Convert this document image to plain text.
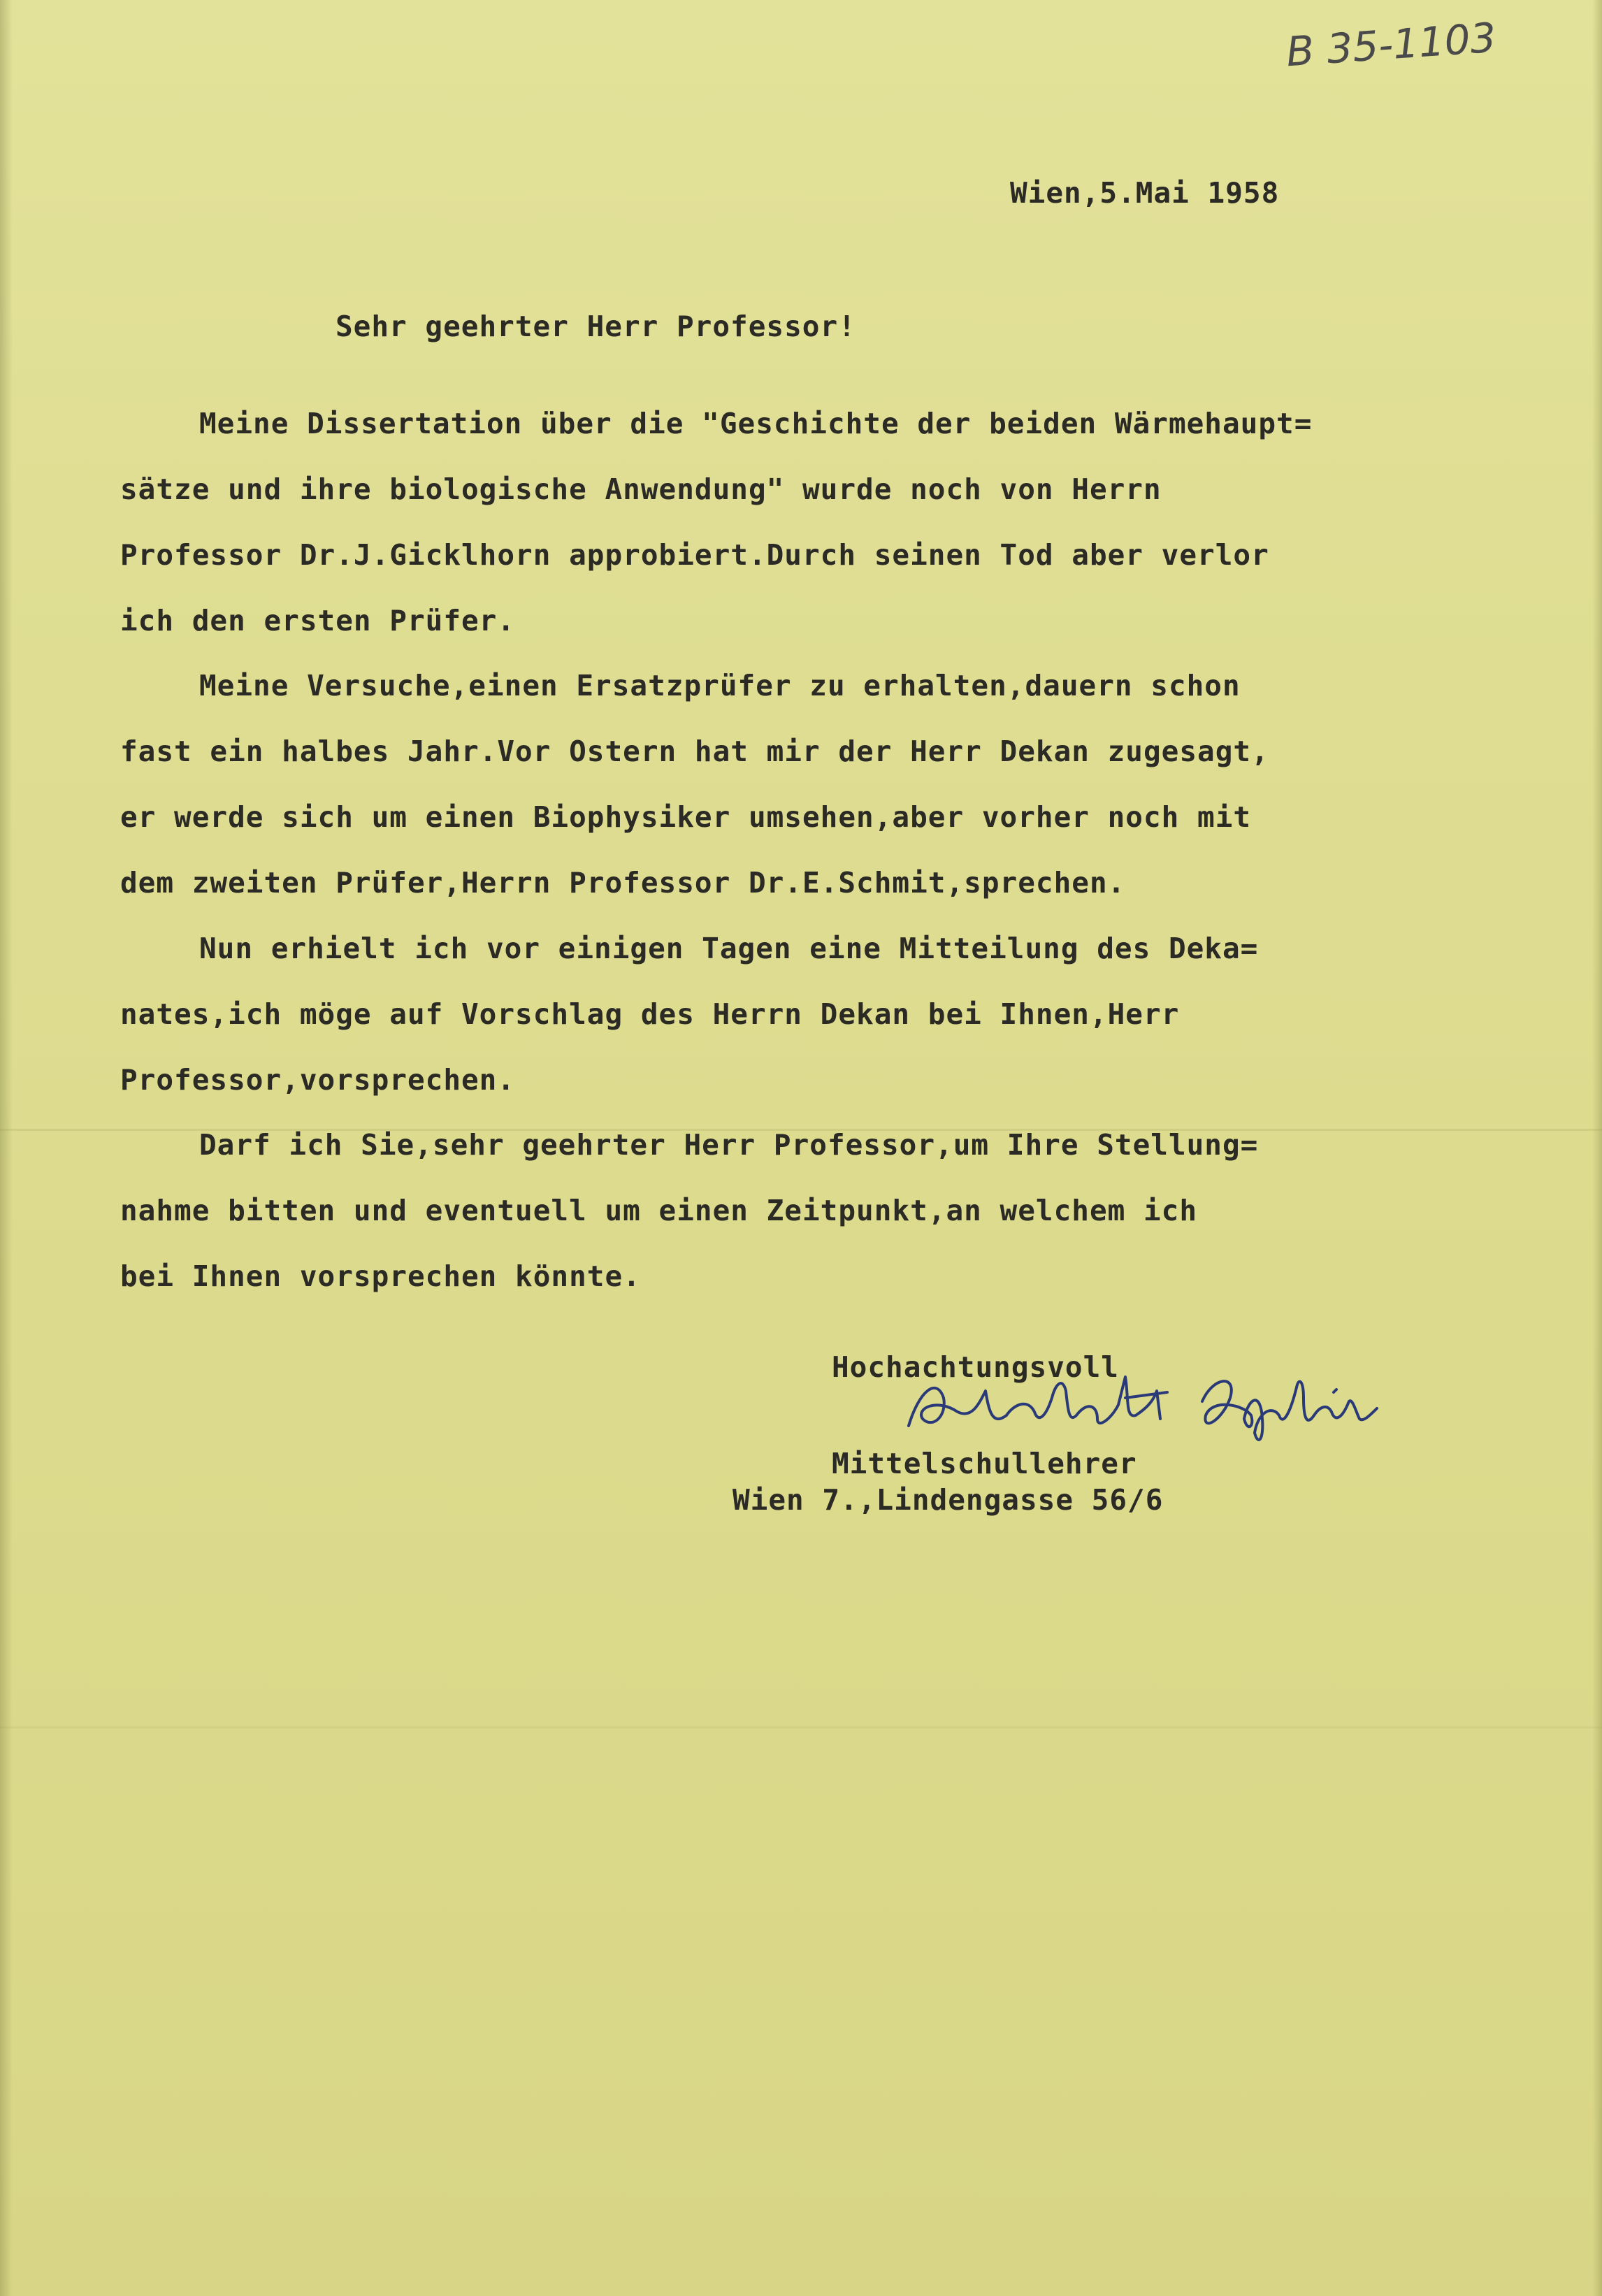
B 35-1103
Wien,5.Mai 1958
Sehr geehrter Herr Professor!
Meine Dissertation über die "Geschichte der beiden Wärmehaupt=
sätze und ihre biologische Anwendung" wurde noch von Herrn
Professor Dr.J.Gicklhorn approbiert.Durch seinen Tod aber verlor
ich den ersten Prüfer.
Meine Versuche,einen Ersatzprüfer zu erhalten,dauern schon
fast ein halbes Jahr.Vor Ostern hat mir der Herr Dekan zugesagt,
er werde sich um einen Biophysiker umsehen,aber vorher noch mit
dem zweiten Prüfer,Herrn Professor Dr.E.Schmit,sprechen.
Nun erhielt ich vor einigen Tagen eine Mitteilung des Deka=
nates,ich möge auf Vorschlag des Herrn Dekan bei Ihnen,Herr
Professor,vorsprechen.
Darf ich Sie,sehr geehrter Herr Professor,um Ihre Stellung=
nahme bitten und eventuell um einen Zeitpunkt,an welchem ich
bei Ihnen vorsprechen könnte.
Hochachtungsvoll
Mittelschullehrer
Wien 7.,Lindengasse 56/6
